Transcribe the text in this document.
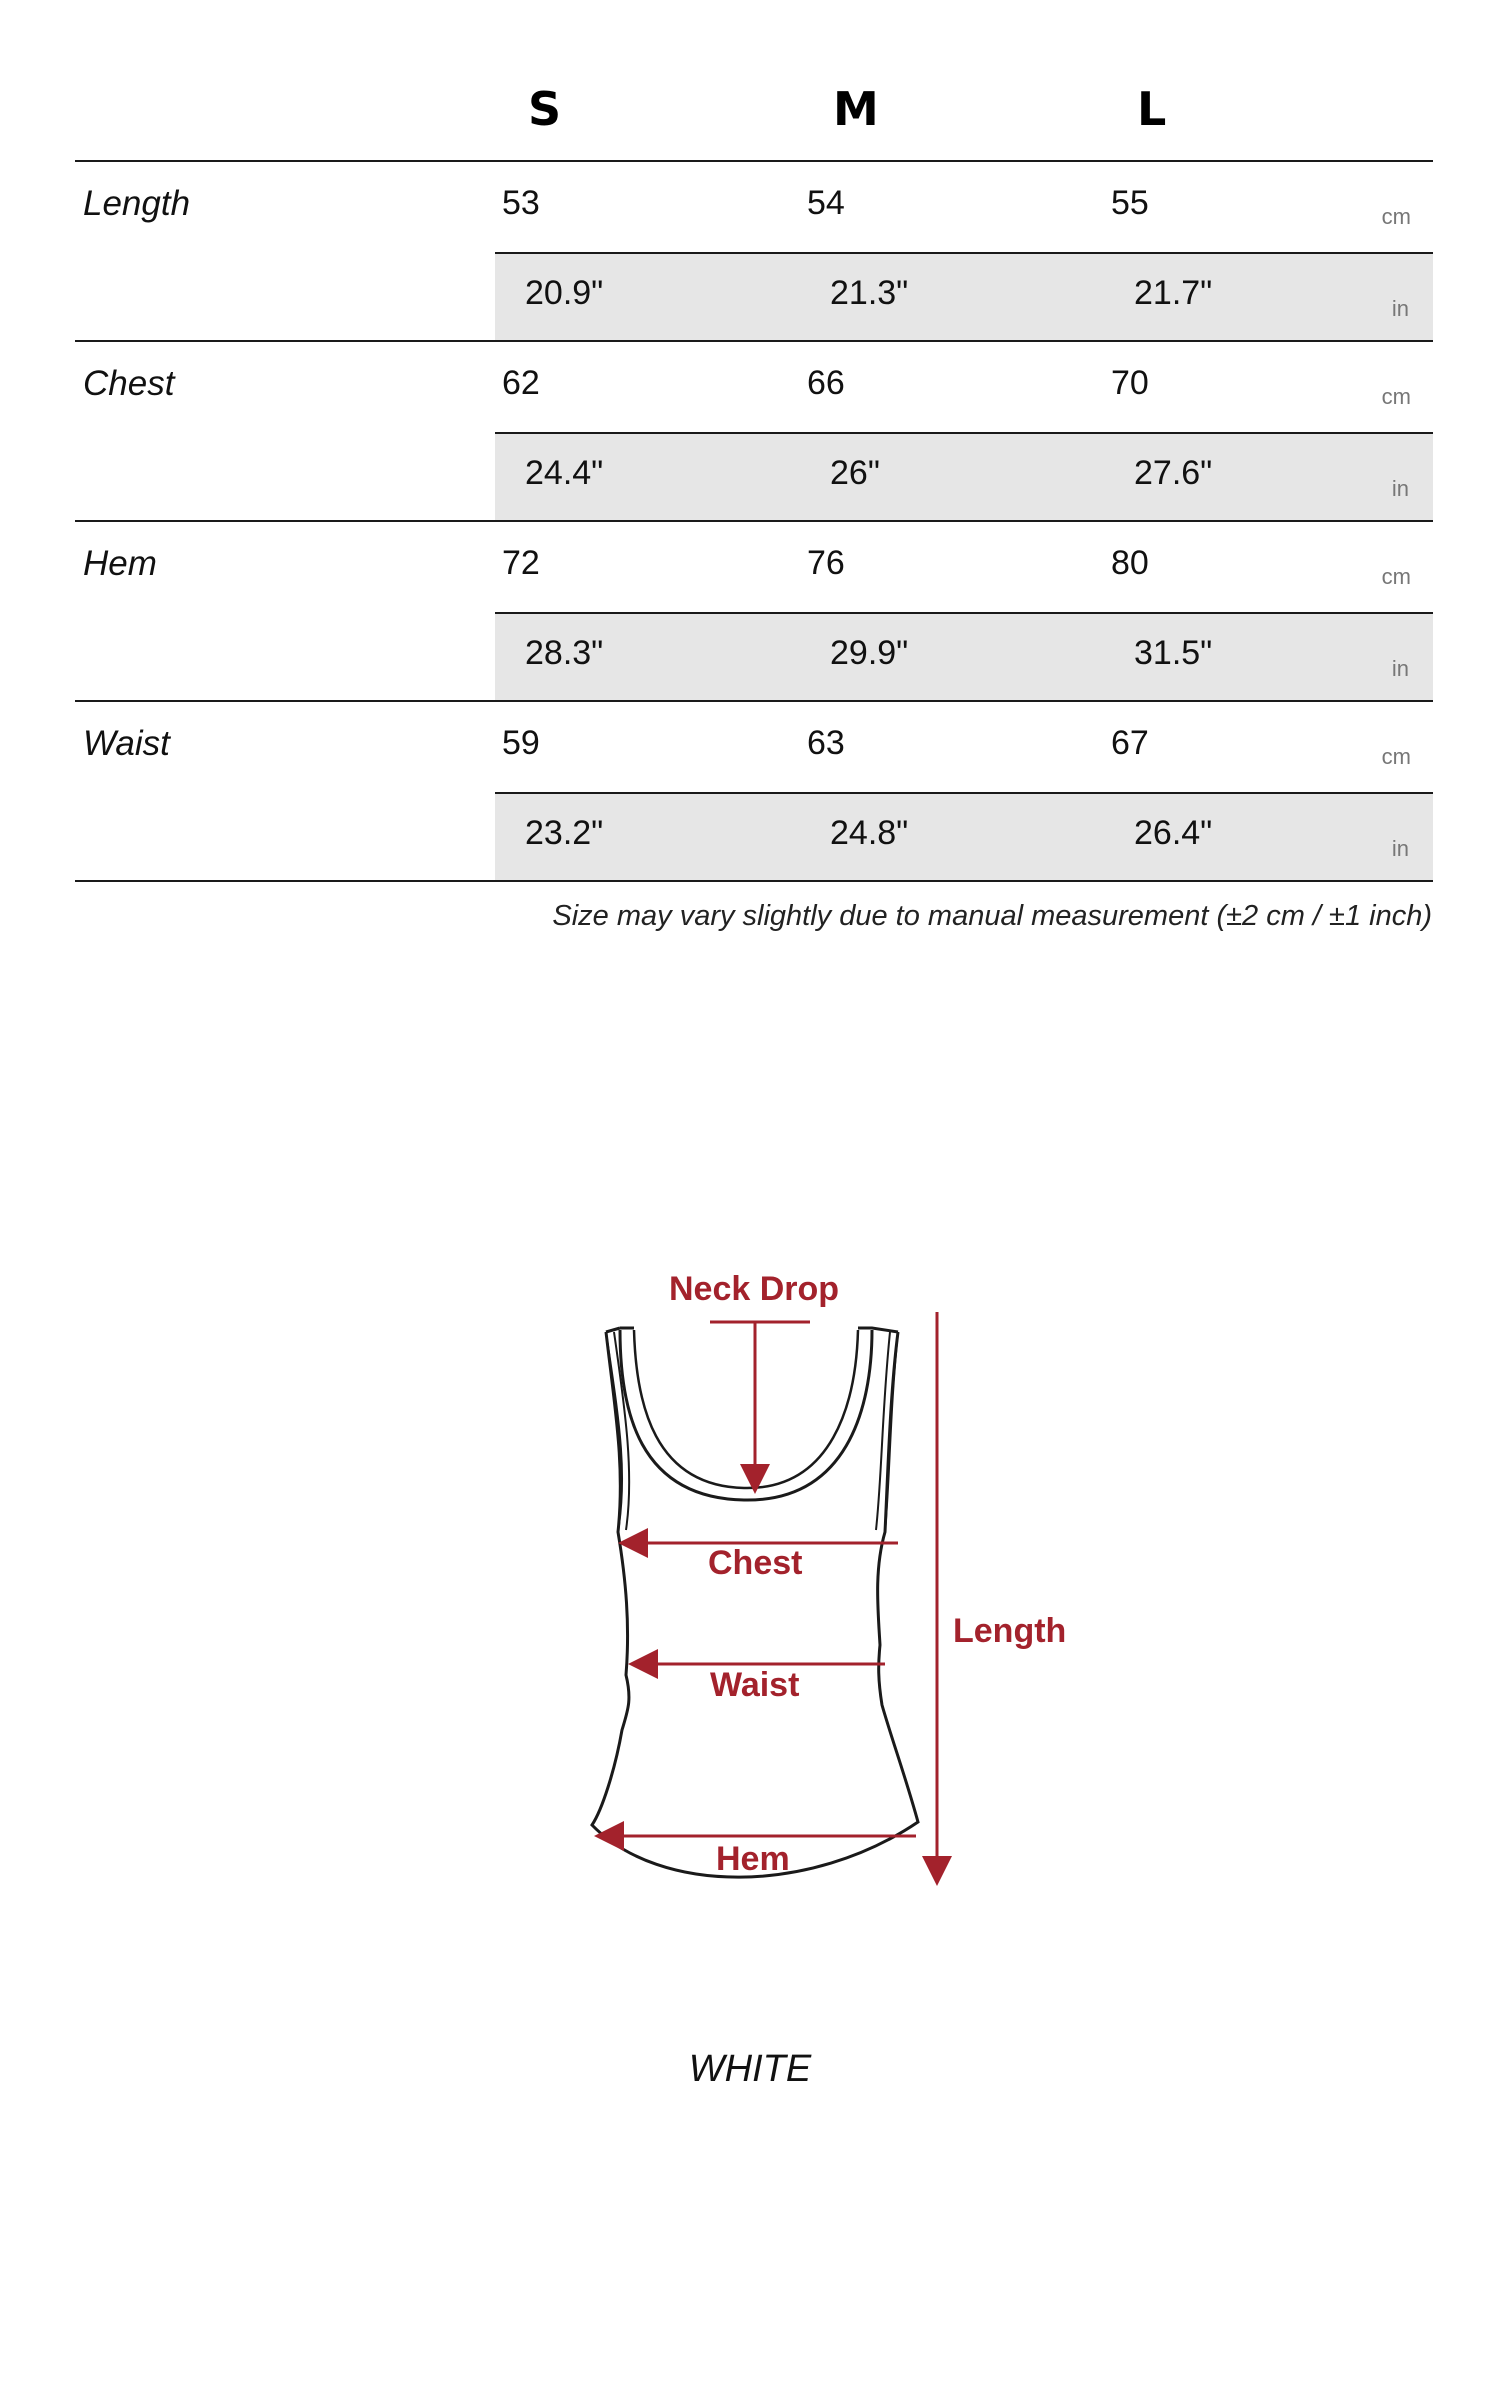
S	M	L
Length	53	54	55	cm
20.9"	21.3"	21.7"	in
Chest	62	66	70	cm
24.4"	26"	27.6"	in
Hem	72	76	80	cm
28.3"	29.9"	31.5"	in
Waist	59	63	67	cm
23.2"	24.8"	26.4"	in
Size may vary slightly due to manual measurement (±2 cm / ±1 inch)
Neck Drop
Chest
Waist
Hem
Length
WHITE
